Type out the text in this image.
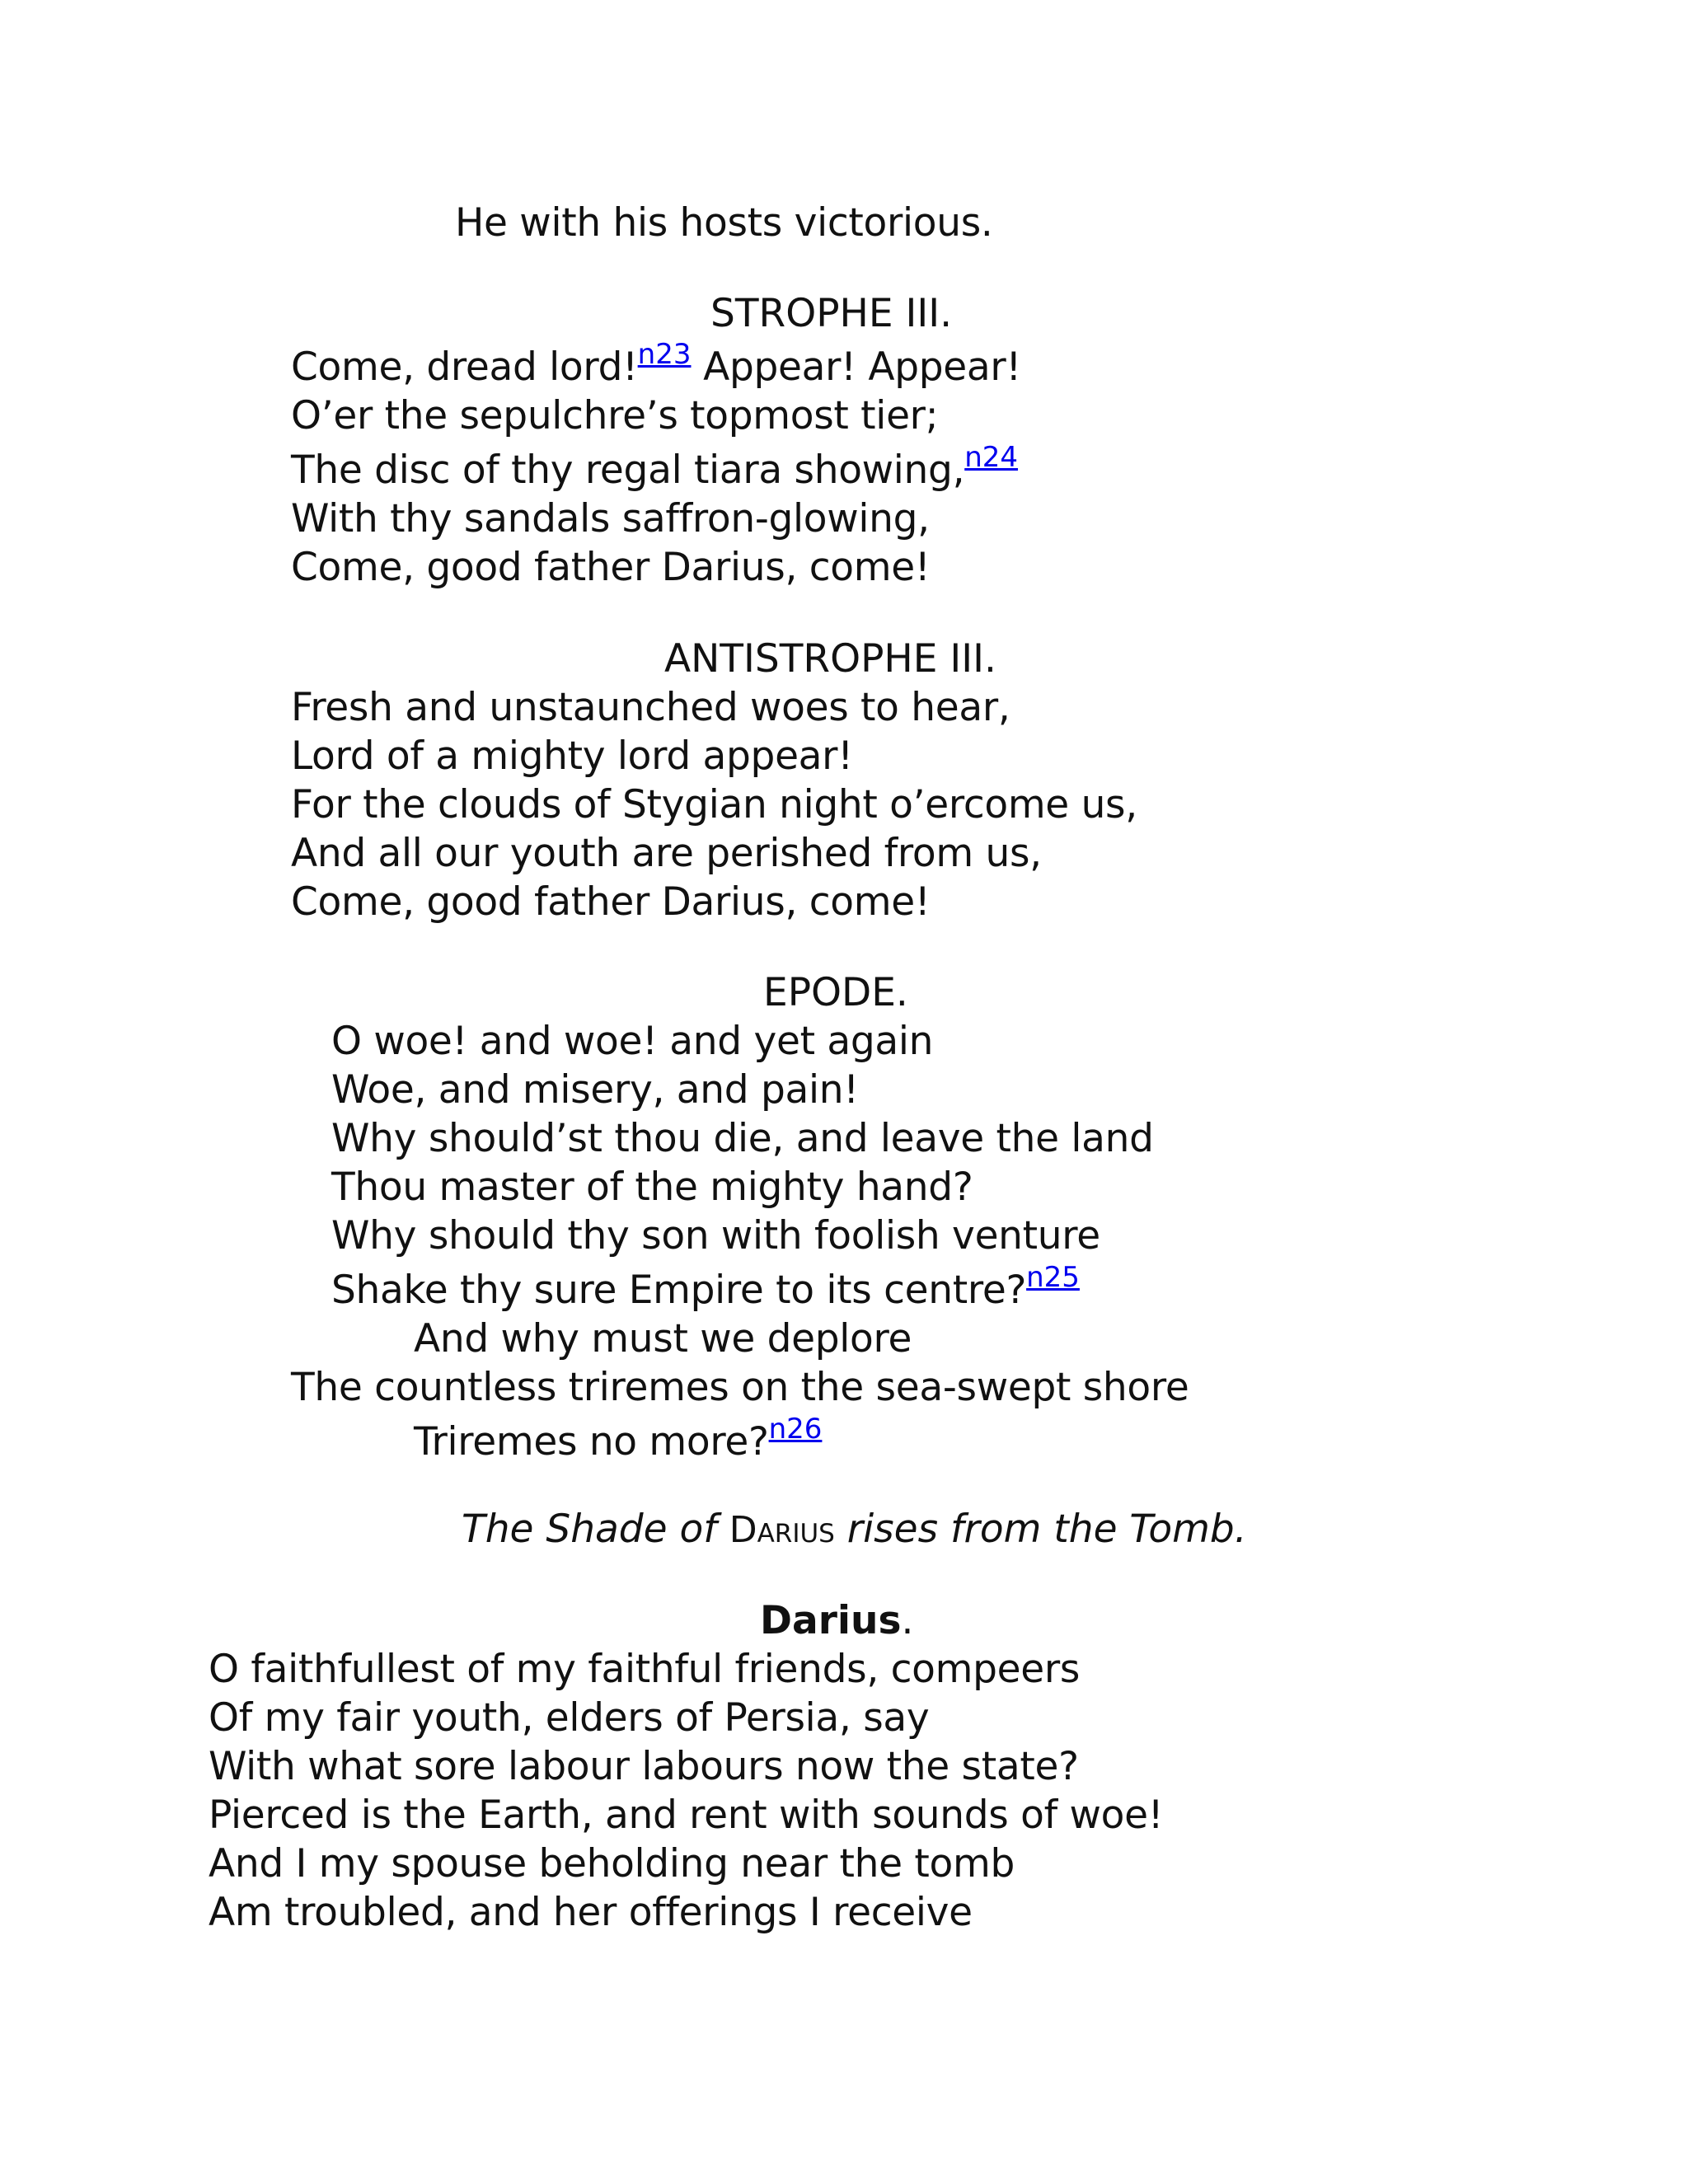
He with his hosts victorious.
STROPHE III.
Come, dread lord!$^{n23}$ Appear! Appear!
O’er the sepulchre’s topmost tier;
The disc of thy regal tiara showing,$^{n24}$
With thy sandals saffron-glowing,
Come, good father Darius, come!
ANTISTROPHE III.
Fresh and unstaunched woes to hear,
Lord of a mighty lord appear!
For the clouds of Stygian night o’ercome us,
And all our youth are perished from us,
Come, good father Darius, come!
EPODE.
O woe! and woe! and yet again
Woe, and misery, and pain!
Why should’st thou die, and leave the land
Thou master of the mighty hand?
Why should thy son with foolish venture
Shake thy sure Empire to its centre?$^{n25}$
And why must we deplore
The countless triremes on the sea-swept shore
Triremes no more?$^{n26}$
The Shade of Darius rises from the Tomb.
Darius.
O faithfullest of my faithful friends, compeers
Of my fair youth, elders of Persia, say
With what sore labour labours now the state?
Pierced is the Earth, and rent with sounds of woe!
And I my spouse beholding near the tomb
Am troubled, and her offerings I receive
